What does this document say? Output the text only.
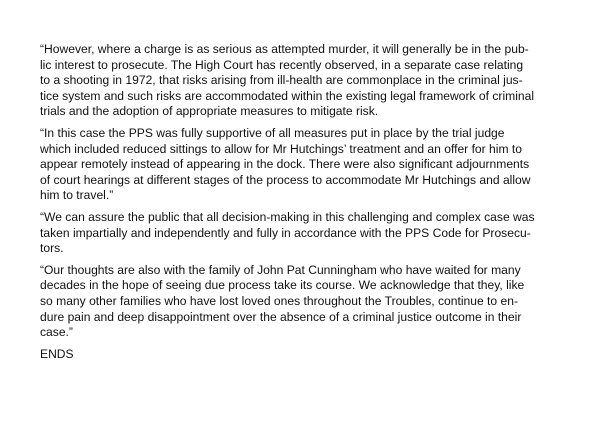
“However, where a charge is as serious as attempted murder, it will generally be in the pub-
lic interest to prosecute. The High Court has recently observed, in a separate case relating
to a shooting in 1972, that risks arising from ill-health are commonplace in the criminal jus-
tice system and such risks are accommodated within the existing legal framework of criminal
trials and the adoption of appropriate measures to mitigate risk.

“In this case the PPS was fully supportive of all measures put in place by the trial judge
which included reduced sittings to allow for Mr Hutchings’ treatment and an offer for him to
appear remotely instead of appearing in the dock. There were also significant adjournments
of court hearings at different stages of the process to accommodate Mr Hutchings and allow
him to travel.”

“We can assure the public that all decision-making in this challenging and complex case was
taken impartially and independently and fully in accordance with the PPS Code for Prosecu-
tors.

“Our thoughts are also with the family of John Pat Cunningham who have waited for many
decades in the hope of seeing due process take its course. We acknowledge that they, like
so many other families who have lost loved ones throughout the Troubles, continue to en-
dure pain and deep disappointment over the absence of a criminal justice outcome in their
case.”

ENDS
